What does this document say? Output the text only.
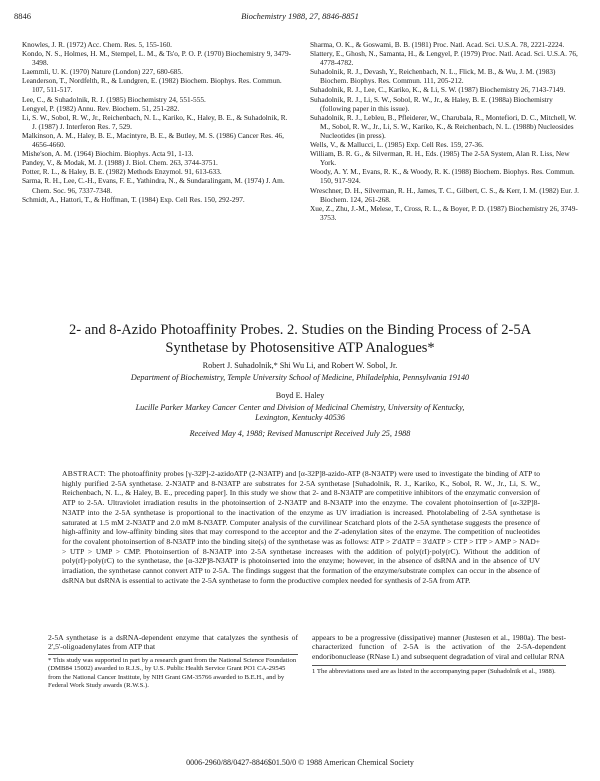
8846	Biochemistry 1988, 27, 8846-8851

Knowles, J. R. (1972) Acc. Chem. Res. 5, 155-160.

Kondo, N. S., Holmes, H. M., Stempel, L. M., & Ts'o, P. O. P. (1970) Biochemistry 9, 3479-3498.

Laemmli, U. K. (1970) Nature (London) 227, 680-685.

Leanderson, T., Nordfelth, R., & Lundgren, E. (1982) Biochem. Biophys. Res. Commun. 107, 511-517.

Lee, C., & Suhadolnik, R. J. (1985) Biochemistry 24, 551-555.

Lengyel, P. (1982) Annu. Rev. Biochem. 51, 251-282.

Li, S. W., Sobol, R. W., Jr., Reichenbach, N. L., Kariko, K., Haley, B. E., & Suhadolnik, R. J. (1987) J. Interferon Res. 7, 529.

Malkinson, A. M., Haley, B. E., Macintyre, B. E., & Butley, M. S. (1986) Cancer Res. 46, 4656-4660.

Mishe'son, A. M. (1964) Biochim. Biophys. Acta 91, 1-13.

Pandey, V., & Modak, M. J. (1988) J. Biol. Chem. 263, 3744-3751.

Potter, R. L., & Haley, B. E. (1982) Methods Enzymol. 91, 613-633.

Sarma, R. H., Lee, C.-H., Evans, F. E., Yathindra, N., & Sundaralingam, M. (1974) J. Am. Chem. Soc. 96, 7337-7348.

Schmidt, A., Hattori, T., & Hoffman, T. (1984) Exp. Cell Res. 150, 292-297.

Sharma, O. K., & Goswami, B. B. (1981) Proc. Natl. Acad. Sci. U.S.A. 78, 2221-2224.

Slattery, E., Ghosh, N., Samanta, H., & Lengyel, P. (1979) Proc. Natl. Acad. Sci. U.S.A. 76, 4778-4782.

Suhadolnik, R. J., Devash, Y., Reichenbach, N. L., Flick, M. B., & Wu, J. M. (1983) Biochem. Biophys. Res. Commun. 111, 205-212.

Suhadolnik, R. J., Lee, C., Kariko, K., & Li, S. W. (1987) Biochemistry 26, 7143-7149.

Suhadolnik, R. J., Li, S. W., Sobol, R. W., Jr., & Haley, B. E. (1988a) Biochemistry (following paper in this issue).

Suhadolnik, R. J., Lebleu, B., Pfleiderer, W., Charubala, R., Montefiori, D. C., Mitchell, W. M., Sobol, R. W., Jr., Li, S. W., Kariko, K., & Reichenbach, N. L. (1988b) Nucleosides Nucleotides (in press).

Wells, V., & Mallucci, L. (1985) Exp. Cell Res. 159, 27-36.

William, B. R. G., & Silverman, R. H., Eds. (1985) The 2-5A System, Alan R. Liss, New York.

Woody, A. Y. M., Evans, R. K., & Woody, R. K. (1988) Biochem. Biophys. Res. Commun. 150, 917-924.

Wreschner, D. H., Silverman, R. H., James, T. C., Gilbert, C. S., & Kerr, I. M. (1982) Eur. J. Biochem. 124, 261-268.

Xue, Z., Zhu, J.-M., Melese, T., Cross, R. L., & Boyer, P. D. (1987) Biochemistry 26, 3749-3753.

2- and 8-Azido Photoaffinity Probes. 2. Studies on the Binding Process of 2-5A
Synthetase by Photosensitive ATP Analogues*
Robert J. Suhadolnik,* Shi Wu Li, and Robert W. Sobol, Jr.
Department of Biochemistry, Temple University School of Medicine, Philadelphia, Pennsylvania 19140
Boyd E. Haley
Lucille Parker Markey Cancer Center and Division of Medicinal Chemistry, University of Kentucky,
Lexington, Kentucky 40536
Received May 4, 1988; Revised Manuscript Received July 25, 1988
ABSTRACT: The photoaffinity probes [γ-32P]-2-azidoATP (2-N3ATP) and [α-32P]8-azido-ATP (8-N3ATP) were used to investigate the binding of ATP to highly purified 2-5A synthetase. 2-N3ATP and 8-N3ATP are substrates for 2-5A synthetase [Suhadolnik, R. J., Kariko, K., Sobol, R. W., Jr., Li, S. W., Reichenbach, N. L., & Haley, B. E., preceding paper]. In this study we show that 2- and 8-N3ATP are competitive inhibitors of the enzymatic conversion of ATP to 2-5A. Ultraviolet irradiation results in the photoinsertion of 2-N3ATP and 8-N3ATP into the enzyme. The covalent photoinsertion of [α-32P]8-N3ATP into the 2-5A synthetase is proportional to the inactivation of the enzyme as UV irradiation is increased. Photolabeling of 2-5A synthetase is saturated at 1.5 mM 2-N3ATP and 2.0 mM 8-N3ATP. Computer analysis of the curvilinear Scatchard plots of the 2-5A synthetase suggests the presence of high-affinity and low-affinity binding sites that may correspond to the acceptor and the 2'-adenylation sites of the enzyme. The competition of nucleotides for the covalent photoinsertion of 8-N3ATP into the binding site(s) of the synthetase was as follows: ATP > 2'dATP = 3'dATP > CTP > ITP > AMP > NAD+ > UTP > UMP > CMP. Photoinsertion of 8-N3ATP into 2-5A synthetase increases with the addition of poly(rI)·poly(rC). Without the addition of poly(rI)·poly(rC) to the synthetase, the [α-32P]8-N3ATP is photoinserted into the enzyme; however, in the absence of dsRNA and in the absence of UV irradiation, the synthetase cannot convert ATP to 2-5A. The findings suggest that the formation of the enzyme/substrate complex can occur in the absence of dsRNA but dsRNA is essential to activate the 2-5A synthetase to form the productive complex needed for synthesis of 2-5A from ATP.
2-5A synthetase is a dsRNA-dependent enzyme that catalyzes the synthesis of 2',5'-oligoadenylates from ATP that
appears to be a progressive (dissipative) manner (Justesen et al., 1980a). The best-characterized function of 2-5A is the activation of the 2-5A-dependent endoribonuclease (RNase L) and subsequent degradation of viral and cellular RNA
* This study was supported in part by a research grant from the National Science Foundation (DMB84 15002) awarded to R.J.S., by U.S. Public Health Service Grant PO1 CA-29545 from the National Cancer Institute, by NIH Grant GM-35766 awarded to B.E.H., and by Federal Work Study awards (R.W.S.).
1 The abbreviations used are as listed in the accompanying paper (Suhadolnik et al., 1988).
0006-2960/88/0427-8846$01.50/0 © 1988 American Chemical Society
